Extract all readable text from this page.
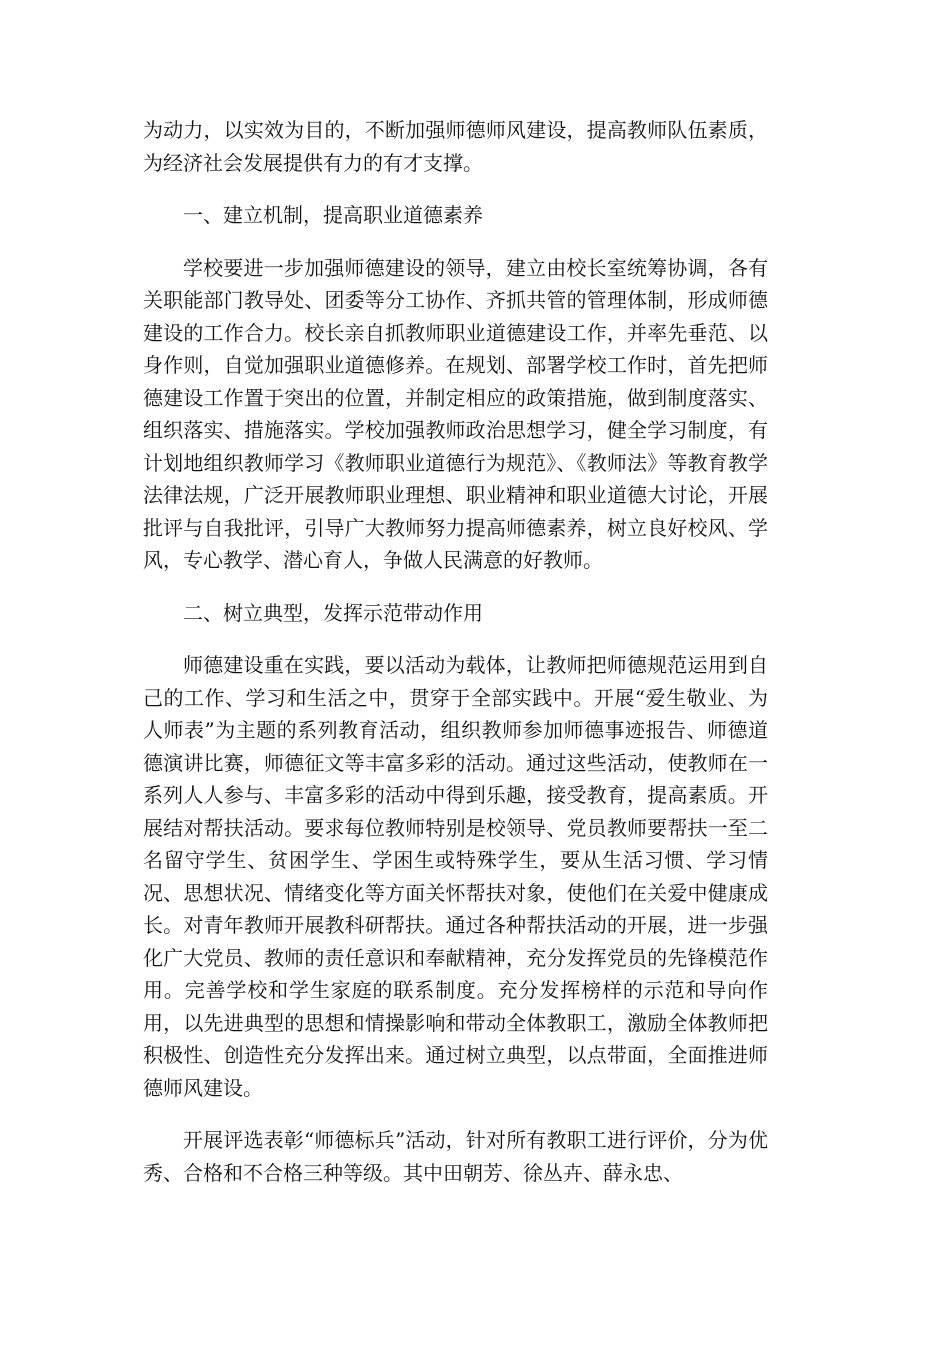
为动力，以实效为目的，不断加强师德师风建设，提高教师队伍素质，为经济社会发展提供有力的有才支撑。

一、建立机制，提高职业道德素养

学校要进一步加强师德建设的领导，建立由校长室统筹协调，各有关职能部门教导处、团委等分工协作、齐抓共管的管理体制，形成师德建设的工作合力。校长亲自抓教师职业道德建设工作，并率先垂范、以身作则，自觉加强职业道德修养。在规划、部署学校工作时，首先把师德建设工作置于突出的位置，并制定相应的政策措施，做到制度落实、组织落实、措施落实。学校加强教师政治思想学习，健全学习制度，有计划地组织教师学习《教师职业道德行为规范》、《教师法》等教育教学法律法规，广泛开展教师职业理想、职业精神和职业道德大讨论，开展批评与自我批评，引导广大教师努力提高师德素养，树立良好校风、学风，专心教学、潜心育人，争做人民满意的好教师。

二、树立典型，发挥示范带动作用

师德建设重在实践，要以活动为载体，让教师把师德规范运用到自己的工作、学习和生活之中，贯穿于全部实践中。开展“爱生敬业、为人师表”为主题的系列教育活动，组织教师参加师德事迹报告、师德道德演讲比赛，师德征文等丰富多彩的活动。通过这些活动，使教师在一系列人人参与、丰富多彩的活动中得到乐趣，接受教育，提高素质。开展结对帮扶活动。要求每位教师特别是校领导、党员教师要帮扶一至二名留守学生、贫困学生、学困生或特殊学生，要从生活习惯、学习情况、思想状况、情绪变化等方面关怀帮扶对象，使他们在关爱中健康成长。对青年教师开展教科研帮扶。通过各种帮扶活动的开展，进一步强化广大党员、教师的责任意识和奉献精神，充分发挥党员的先锋模范作用。完善学校和学生家庭的联系制度。充分发挥榜样的示范和导向作用，以先进典型的思想和情操影响和带动全体教职工，激励全体教师把积极性、创造性充分发挥出来。通过树立典型，以点带面，全面推进师德师风建设。

开展评选表彰“师德标兵”活动，针对所有教职工进行评价，分为优秀、合格和不合格三种等级。其中田朝芳、徐丛卉、薛永忠、
